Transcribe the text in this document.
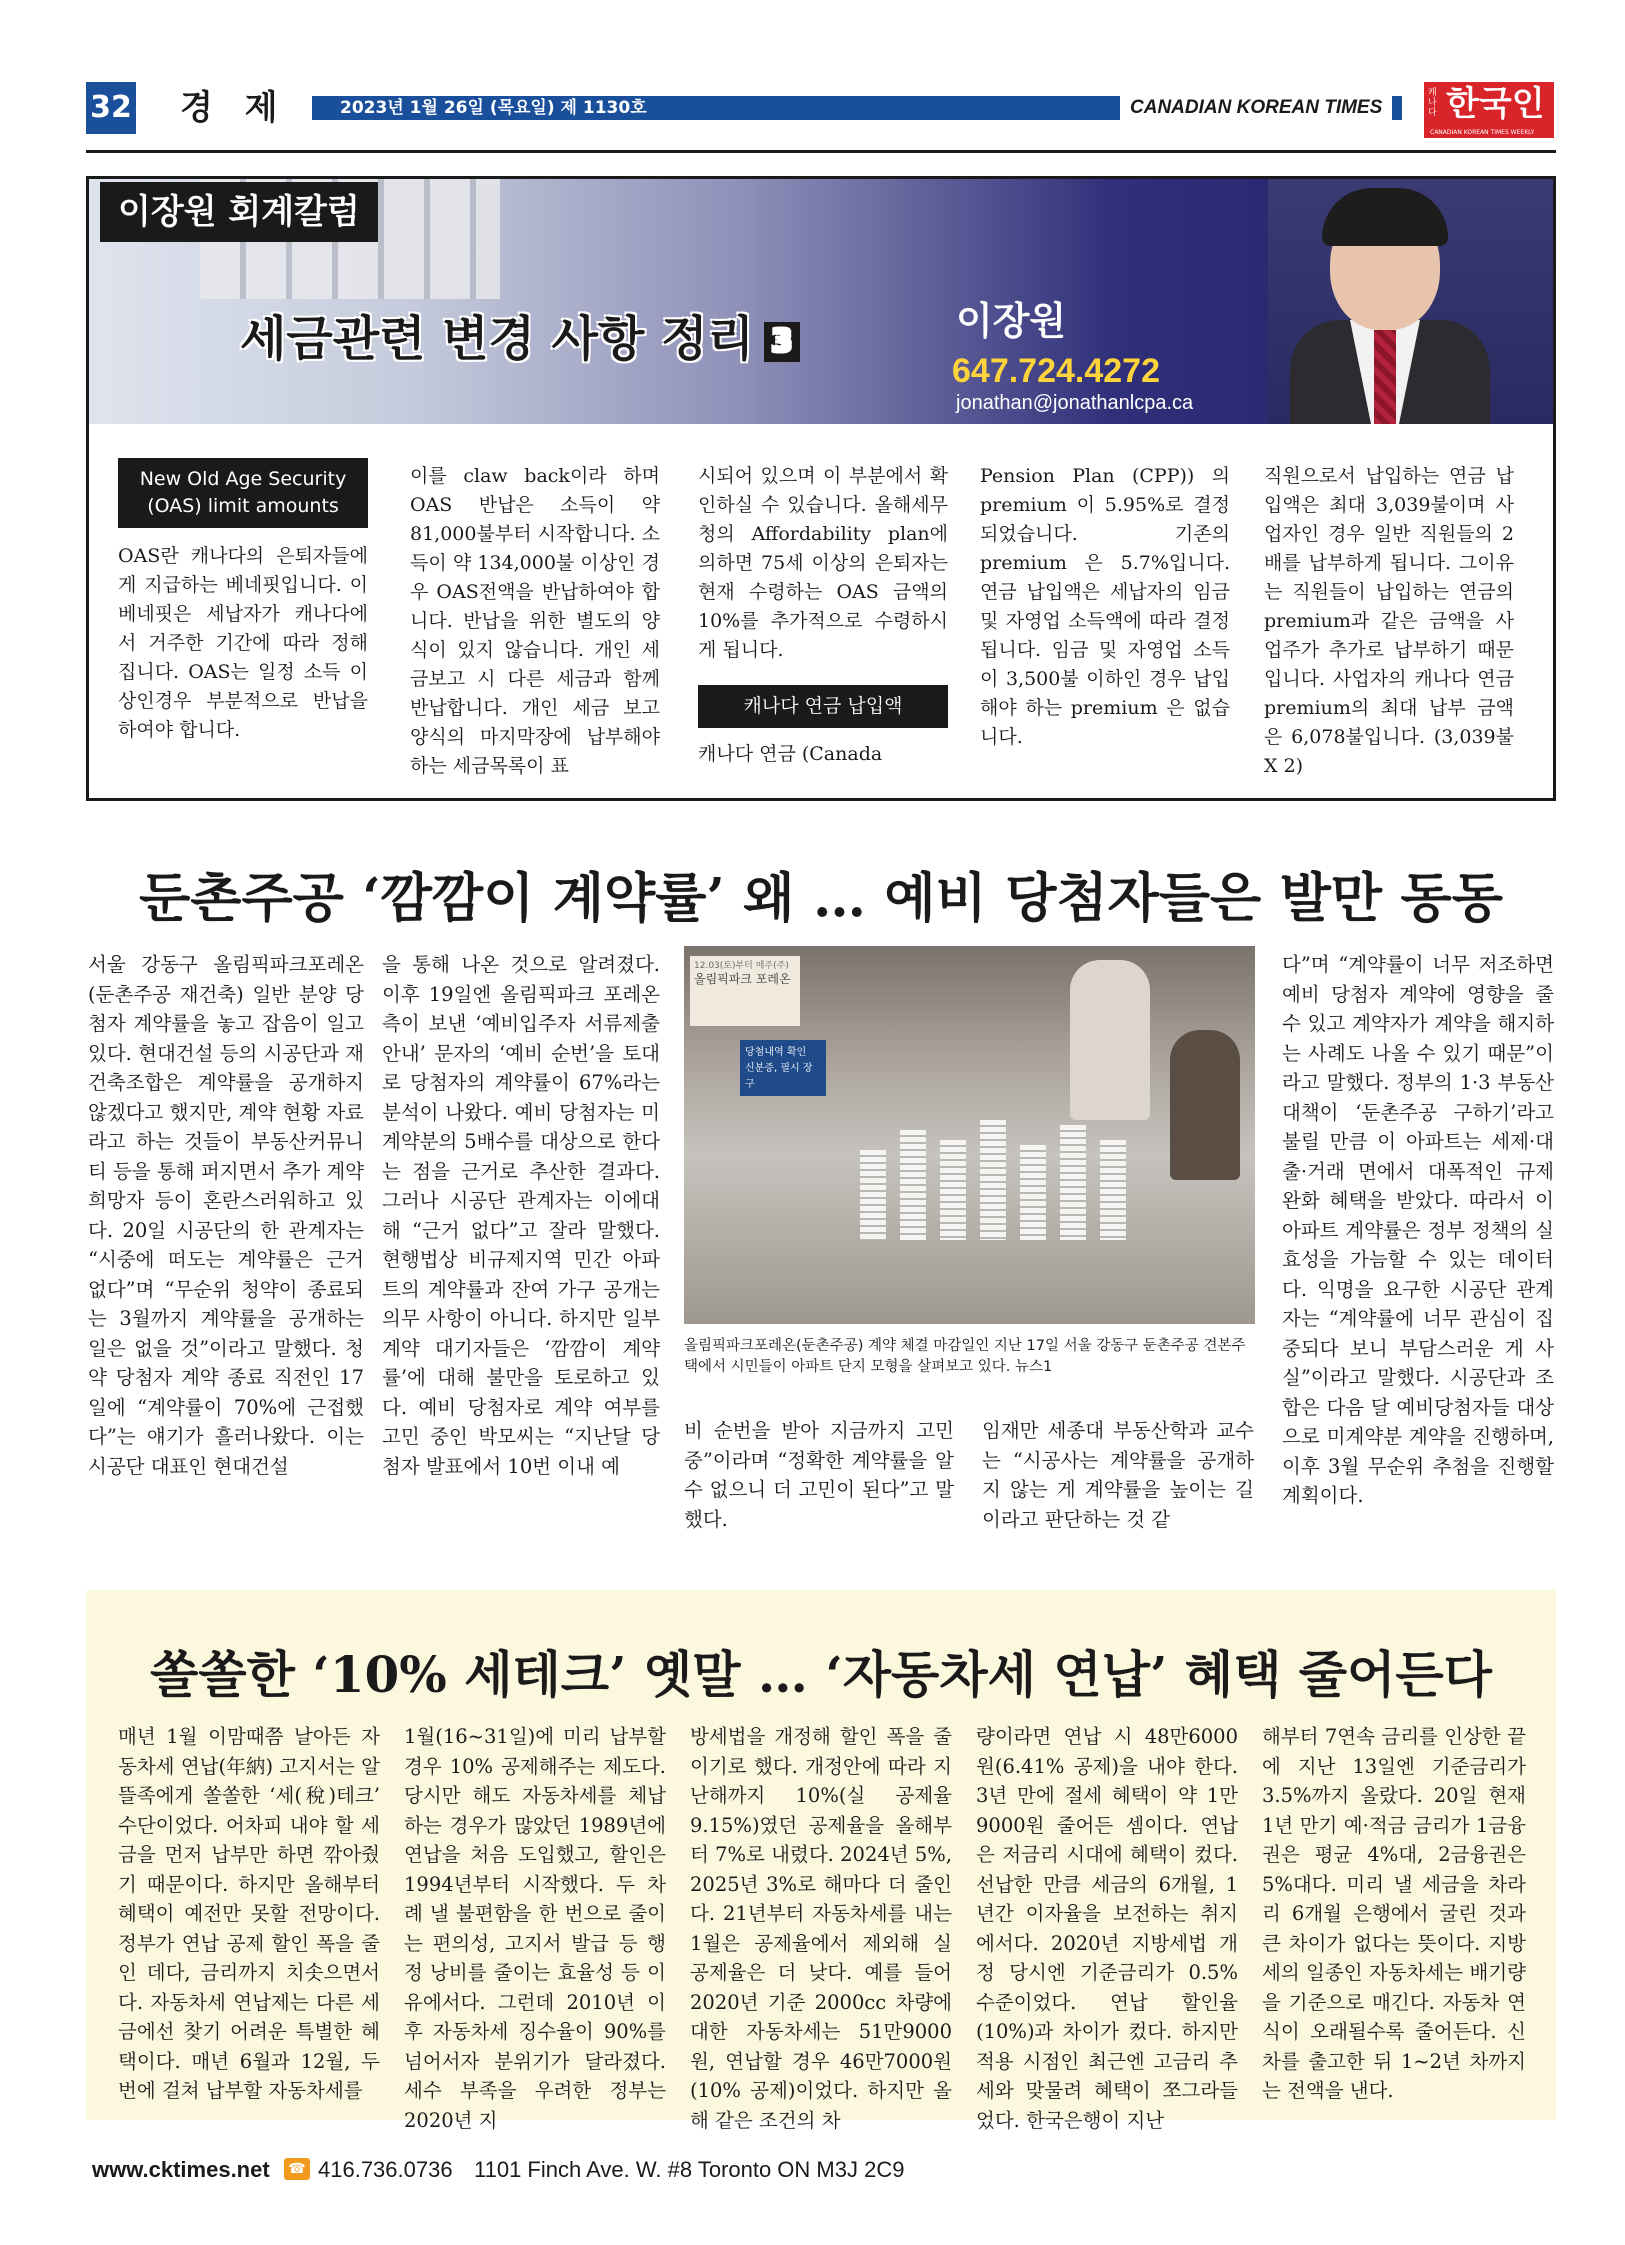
32 경 제	2023년 1월 26일 (목요일) 제 1130호	CANADIAN KOREAN TIMES
캐나다 한국인
CANADIAN KOREAN TIMES WEEKLY
이장원 회계칼럼
세금관련 변경 사항 정리 3	이장원
647.724.4272
jonathan@jonathanlcpa.ca
New Old Age Security (OAS) limit amounts
OAS란 캐나다의 은퇴자들에게 지급하는 베네핏입니다. 이 베네핏은 세납자가 캐나다에서 거주한 기간에 따라 정해 집니다. OAS는 일정 소득 이상인경우 부분적으로 반납을 하여야 합니다.
이를 claw back이라 하며 OAS 반납은 소득이 약 81,000불부터 시작합니다. 소득이 약 134,000불 이상인 경우 OAS전액을 반납하여야 합니다. 반납을 위한 별도의 양식이 있지 않습니다. 개인 세금보고 시 다른 세금과 함께 반납합니다. 개인 세금 보고 양식의 마지막장에 납부해야 하는 세금목록이 표
시되어 있으며 이 부분에서 확인하실 수 있습니다. 올해세무청의 Affordability plan에 의하면 75세 이상의 은퇴자는 현재 수령하는 OAS 금액의 10%를 추가적으로 수령하시게 됩니다.
캐나다 연금 납입액
캐나다 연금 (Canada
Pension Plan (CPP)) 의 premium 이 5.95%로 결정되었습니다. 기존의 premium 은 5.7%입니다. 연금 납입액은 세납자의 임금 및 자영업 소득액에 따라 결정됩니다. 임금 및 자영업 소득이 3,500불 이하인 경우 납입해야 하는 premium 은 없습니다.
직원으로서 납입하는 연금 납입액은 최대 3,039불이며 사업자인 경우 일반 직원들의 2배를 납부하게 됩니다. 그이유는 직원들이 납입하는 연금의 premium과 같은 금액을 사업주가 추가로 납부하기 때문입니다. 사업자의 캐나다 연금 premium의 최대 납부 금액은 6,078불입니다. (3,039불 X 2)
둔촌주공 ‘깜깜이 계약률’ 왜 … 예비 당첨자들은 발만 동동
서울 강동구 올림픽파크포레온(둔촌주공 재건축) 일반 분양 당첨자 계약률을 놓고 잡음이 일고 있다. 현대건설 등의 시공단과 재건축조합은 계약률을 공개하지 않겠다고 했지만, 계약 현황 자료라고 하는 것들이 부동산커뮤니티 등을 통해 퍼지면서 추가 계약 희망자 등이 혼란스러워하고 있다. 20일 시공단의 한 관계자는 “시중에 떠도는 계약률은 근거 없다”며 “무순위 청약이 종료되는 3월까지 계약률을 공개하는 일은 없을 것”이라고 말했다. 청약 당첨자 계약 종료 직전인 17일에 “계약률이 70%에 근접했다”는 얘기가 흘러나왔다. 이는 시공단 대표인 현대건설
을 통해 나온 것으로 알려졌다. 이후 19일엔 올림픽파크 포레온 측이 보낸 ‘예비입주자 서류제출 안내’ 문자의 ‘예비 순번’을 토대로 당첨자의 계약률이 67%라는 분석이 나왔다. 예비 당첨자는 미계약분의 5배수를 대상으로 한다는 점을 근거로 추산한 결과다. 그러나 시공단 관계자는 이에대해 “근거 없다”고 잘라 말했다. 현행법상 비규제지역 민간 아파트의 계약률과 잔여 가구 공개는 의무 사항이 아니다. 하지만 일부 계약 대기자들은 ‘깜깜이 계약률’에 대해 불만을 토로하고 있다. 예비 당첨자로 계약 여부를 고민 중인 박모씨는 “지난달 당첨자 발표에서 10번 이내 예
12.03(토)부터 매주(주)
올림픽파크 포레온
당첨내역 확인
신분증, 필시 장구
올림픽파크포레온(둔촌주공) 계약 체결 마감일인 지난 17일 서울 강동구 둔촌주공 견본주택에서 시민들이 아파트 단지 모형을 살펴보고 있다. 뉴스1
비 순번을 받아 지금까지 고민 중”이라며 “정확한 계약률을 알 수 없으니 더 고민이 된다”고 말했다.
임재만 세종대 부동산학과 교수는 “시공사는 계약률을 공개하지 않는 게 계약률을 높이는 길이라고 판단하는 것 같
다”며 “계약률이 너무 저조하면 예비 당첨자 계약에 영향을 줄 수 있고 계약자가 계약을 해지하는 사례도 나올 수 있기 때문”이라고 말했다. 정부의 1·3 부동산 대책이 ‘둔촌주공 구하기’라고 불릴 만큼 이 아파트는 세제·대출·거래 면에서 대폭적인 규제 완화 혜택을 받았다. 따라서 이 아파트 계약률은 정부 정책의 실효성을 가늠할 수 있는 데이터다. 익명을 요구한 시공단 관계자는 “계약률에 너무 관심이 집중되다 보니 부담스러운 게 사실”이라고 말했다. 시공단과 조합은 다음 달 예비당첨자들 대상으로 미계약분 계약을 진행하며, 이후 3월 무순위 추첨을 진행할 계획이다.
쏠쏠한 ‘10% 세테크’ 옛말 … ‘자동차세 연납’ 혜택 줄어든다
매년 1월 이맘때쯤 날아든 자동차세 연납(年納) 고지서는 알뜰족에게 쏠쏠한 ‘세(稅)테크’ 수단이었다. 어차피 내야 할 세금을 먼저 납부만 하면 깎아줬기 때문이다. 하지만 올해부터 혜택이 예전만 못할 전망이다. 정부가 연납 공제 할인 폭을 줄인 데다, 금리까지 치솟으면서다. 자동차세 연납제는 다른 세금에선 찾기 어려운 특별한 혜택이다. 매년 6월과 12월, 두 번에 걸쳐 납부할 자동차세를
1월(16~31일)에 미리 납부할 경우 10% 공제해주는 제도다. 당시만 해도 자동차세를 체납하는 경우가 많았던 1989년에 연납을 처음 도입했고, 할인은 1994년부터 시작했다. 두 차례 낼 불편함을 한 번으로 줄이는 편의성, 고지서 발급 등 행정 낭비를 줄이는 효율성 등 이유에서다. 그런데 2010년 이후 자동차세 징수율이 90%를 넘어서자 분위기가 달라졌다. 세수 부족을 우려한 정부는 2020년 지
방세법을 개정해 할인 폭을 줄이기로 했다. 개정안에 따라 지난해까지 10%(실 공제율 9.15%)였던 공제율을 올해부터 7%로 내렸다. 2024년 5%, 2025년 3%로 해마다 더 줄인다. 21년부터 자동차세를 내는 1월은 공제율에서 제외해 실 공제율은 더 낮다. 예를 들어 2020년 기준 2000cc 차량에 대한 자동차세는 51만9000원, 연납할 경우 46만7000원(10% 공제)이었다. 하지만 올해 같은 조건의 차
량이라면 연납 시 48만6000원(6.41% 공제)을 내야 한다. 3년 만에 절세 혜택이 약 1만9000원 줄어든 셈이다. 연납은 저금리 시대에 혜택이 컸다. 선납한 만큼 세금의 6개월, 1년간 이자율을 보전하는 취지에서다. 2020년 지방세법 개정 당시엔 기준금리가 0.5% 수준이었다. 연납 할인율(10%)과 차이가 컸다. 하지만 적용 시점인 최근엔 고금리 추세와 맞물려 혜택이 쪼그라들었다. 한국은행이 지난
해부터 7연속 금리를 인상한 끝에 지난 13일엔 기준금리가 3.5%까지 올랐다. 20일 현재 1년 만기 예·적금 금리가 1금융권은 평균 4%대, 2금융권은 5%대다. 미리 낼 세금을 차라리 6개월 은행에서 굴린 것과 큰 차이가 없다는 뜻이다. 지방세의 일종인 자동차세는 배기량을 기준으로 매긴다. 자동차 연식이 오래될수록 줄어든다. 신차를 출고한 뒤 1~2년 차까지는 전액을 낸다.
www.cktimes.net	☎ 416.736.0736 1101 Finch Ave. W. #8 Toronto ON M3J 2C9
